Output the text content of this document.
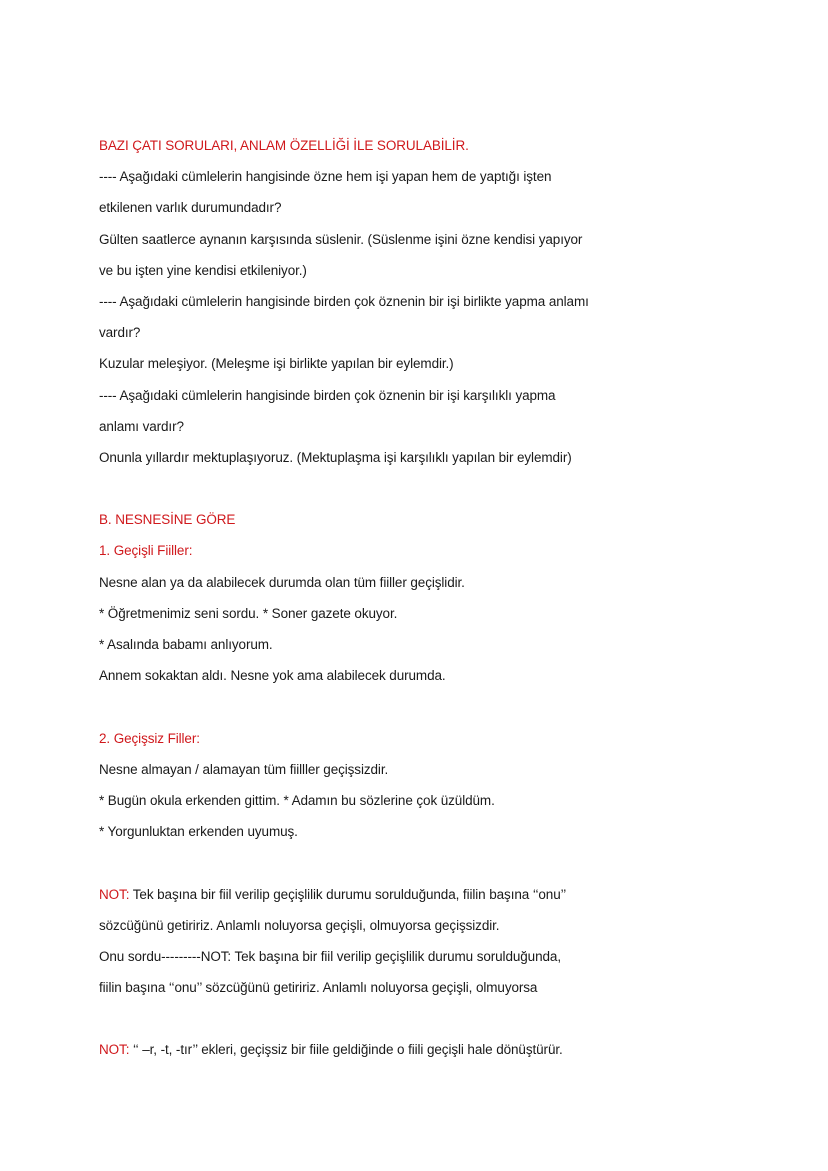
BAZI ÇATI SORULARI, ANLAM ÖZELLİĞİ İLE SORULABİLİR.
---- Aşağıdaki cümlelerin hangisinde özne hem işi yapan hem de yaptığı işten
etkilenen varlık durumundadır?
Gülten saatlerce aynanın karşısında süslenir. (Süslenme işini özne kendisi yapıyor
ve bu işten yine kendisi etkileniyor.)
---- Aşağıdaki cümlelerin hangisinde birden çok öznenin bir işi birlikte yapma anlamı
vardır?
Kuzular meleşiyor. (Meleşme işi birlikte yapılan bir eylemdir.)
---- Aşağıdaki cümlelerin hangisinde birden çok öznenin bir işi karşılıklı yapma
anlamı vardır?
Onunla yıllardır mektuplaşıyoruz. (Mektuplaşma işi karşılıklı yapılan bir eylemdir)
B. NESNESİNE GÖRE
1. Geçişli Fiiller:
Nesne alan ya da alabilecek durumda olan tüm fiiller geçişlidir.
* Öğretmenimiz seni sordu. * Soner gazete okuyor.
* Asalında babamı anlıyorum.
Annem sokaktan aldı. Nesne yok ama alabilecek durumda.
2. Geçişsiz Filler:
Nesne almayan / alamayan tüm fiilller geçişsizdir.
* Bugün okula erkenden gittim. * Adamın bu sözlerine çok üzüldüm.
* Yorgunluktan erkenden uyumuş.
NOT: Tek başına bir fiil verilip geçişlilik durumu sorulduğunda, fiilin başına ‘‘onu’’
sözcüğünü getiririz. Anlamlı noluyorsa geçişli, olmuyorsa geçişsizdir.
Onu sordu---------NOT: Tek başına bir fiil verilip geçişlilik durumu sorulduğunda,
fiilin başına ‘‘onu’’ sözcüğünü getiririz. Anlamlı noluyorsa geçişli, olmuyorsa
NOT: ‘‘ –r, -t, -tır’’ ekleri, geçişsiz bir fiile geldiğinde o fiili geçişli hale dönüştürür.
